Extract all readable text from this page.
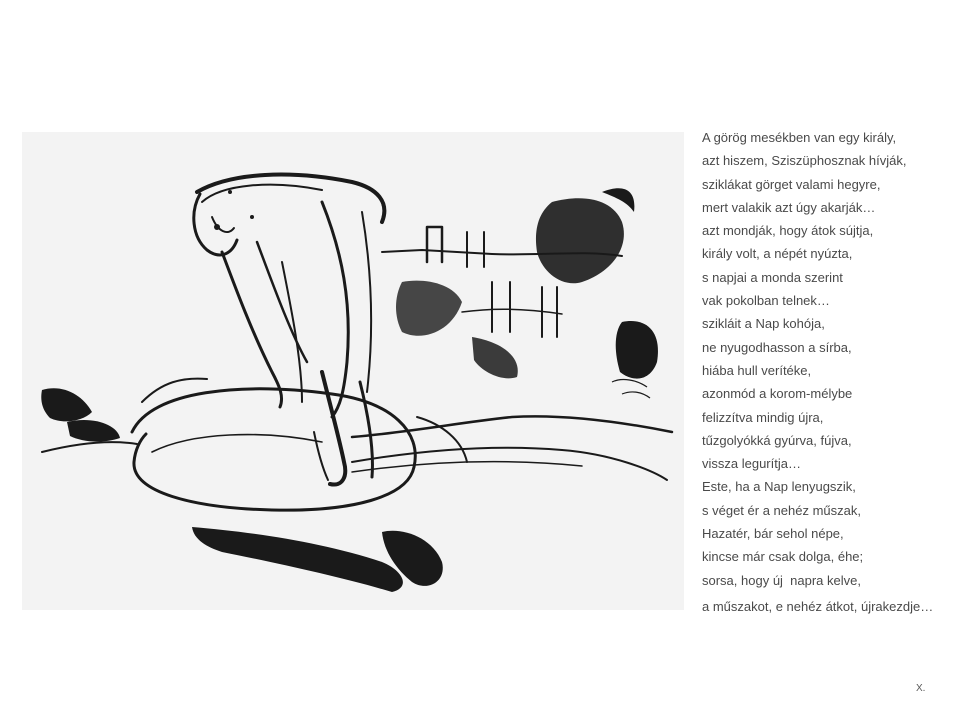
A görög mesékben van egy király,
azt hiszem, Sziszüphosznak hívják,
sziklákat görget valami hegyre,
mert valakik azt úgy akarják…
azt mondják, hogy átok sújtja,
király volt, a népét nyúzta,
s napjai a monda szerint
vak pokolban telnek…
szikláit a Nap kohója,
ne nyugodhasson a sírba,
hiába hull verítéke,
azonmód a korom-mélybe
felizzítva mindig újra,
tűzgolyókká gyúrva, fújva,
vissza legurítja…
Este, ha a Nap lenyugszik,
s véget ér a nehéz műszak,
Hazatér, bár sehol népe,
kincse már csak dolga, éhe;
sorsa, hogy új  napra kelve,
a műszakot, e nehéz átkot, újrakezdje…
X.
